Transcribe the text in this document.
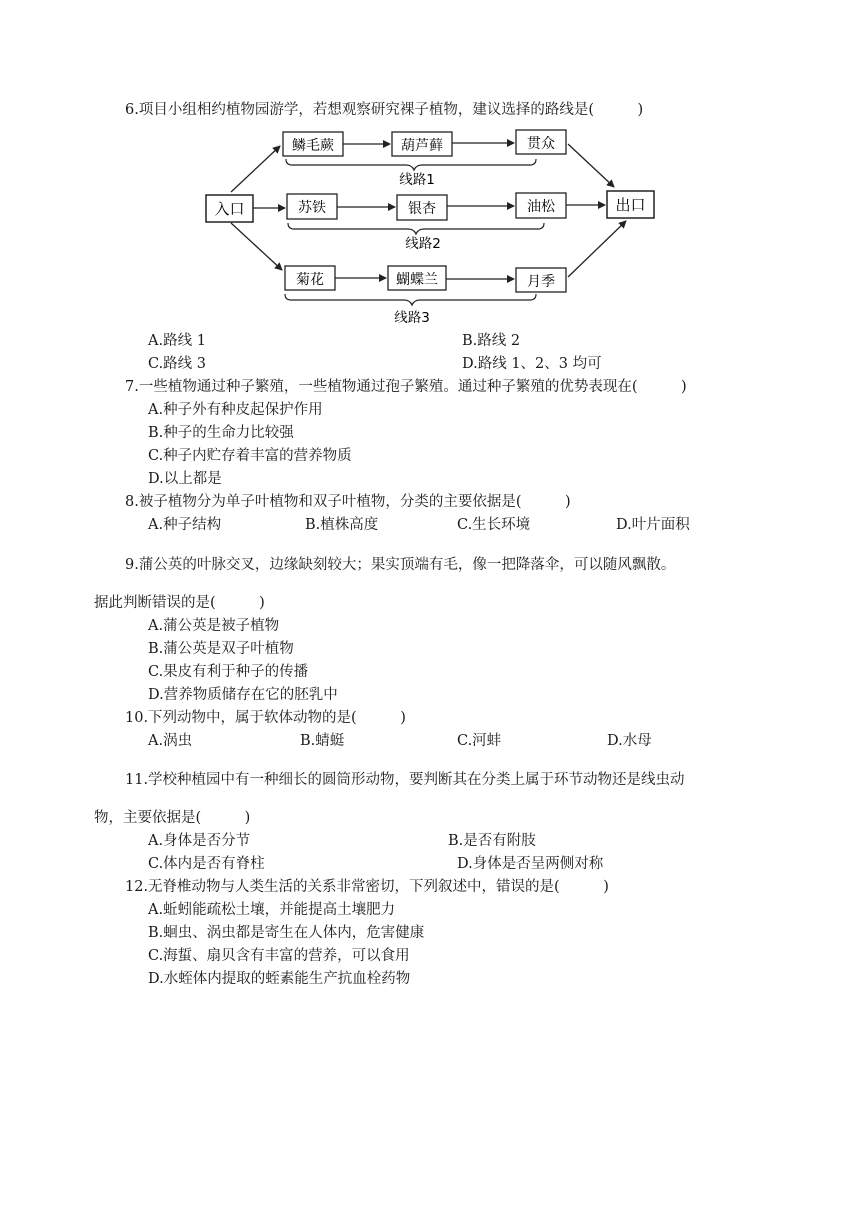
6.项目小组相约植物园游学，若想观察研究裸子植物，建议选择的路线是(　　　)
入口	出口
鳞毛蕨	葫芦藓	贯众
线路1
苏铁	银杏	油松
线路2
菊花	蝴蝶兰	月季
线路3
A.路线 1	B.路线 2
C.路线 3	D.路线 1、2、3 均可
7.一些植物通过种子繁殖，一些植物通过孢子繁殖。通过种子繁殖的优势表现在(　　　)
A.种子外有种皮起保护作用
B.种子的生命力比较强
C.种子内贮存着丰富的营养物质
D.以上都是
8.被子植物分为单子叶植物和双子叶植物，分类的主要依据是(　　　)
A.种子结构	B.植株高度	C.生长环境	D.叶片面积
9.蒲公英的叶脉交叉，边缘缺刻较大；果实顶端有毛，像一把降落伞，可以随风飘散。
据此判断错误的是(　　　)
A.蒲公英是被子植物
B.蒲公英是双子叶植物
C.果皮有利于种子的传播
D.营养物质储存在它的胚乳中
10.下列动物中，属于软体动物的是(　　　)
A.涡虫	B.蜻蜓	C.河蚌	D.水母
11.学校种植园中有一种细长的圆筒形动物，要判断其在分类上属于环节动物还是线虫动
物，主要依据是(　　　)
A.身体是否分节	B.是否有附肢
C.体内是否有脊柱	D.身体是否呈两侧对称
12.无脊椎动物与人类生活的关系非常密切，下列叙述中，错误的是(　　　)
A.蚯蚓能疏松土壤，并能提高土壤肥力
B.蛔虫、涡虫都是寄生在人体内，危害健康
C.海蜇、扇贝含有丰富的营养，可以食用
D.水蛭体内提取的蛭素能生产抗血栓药物
